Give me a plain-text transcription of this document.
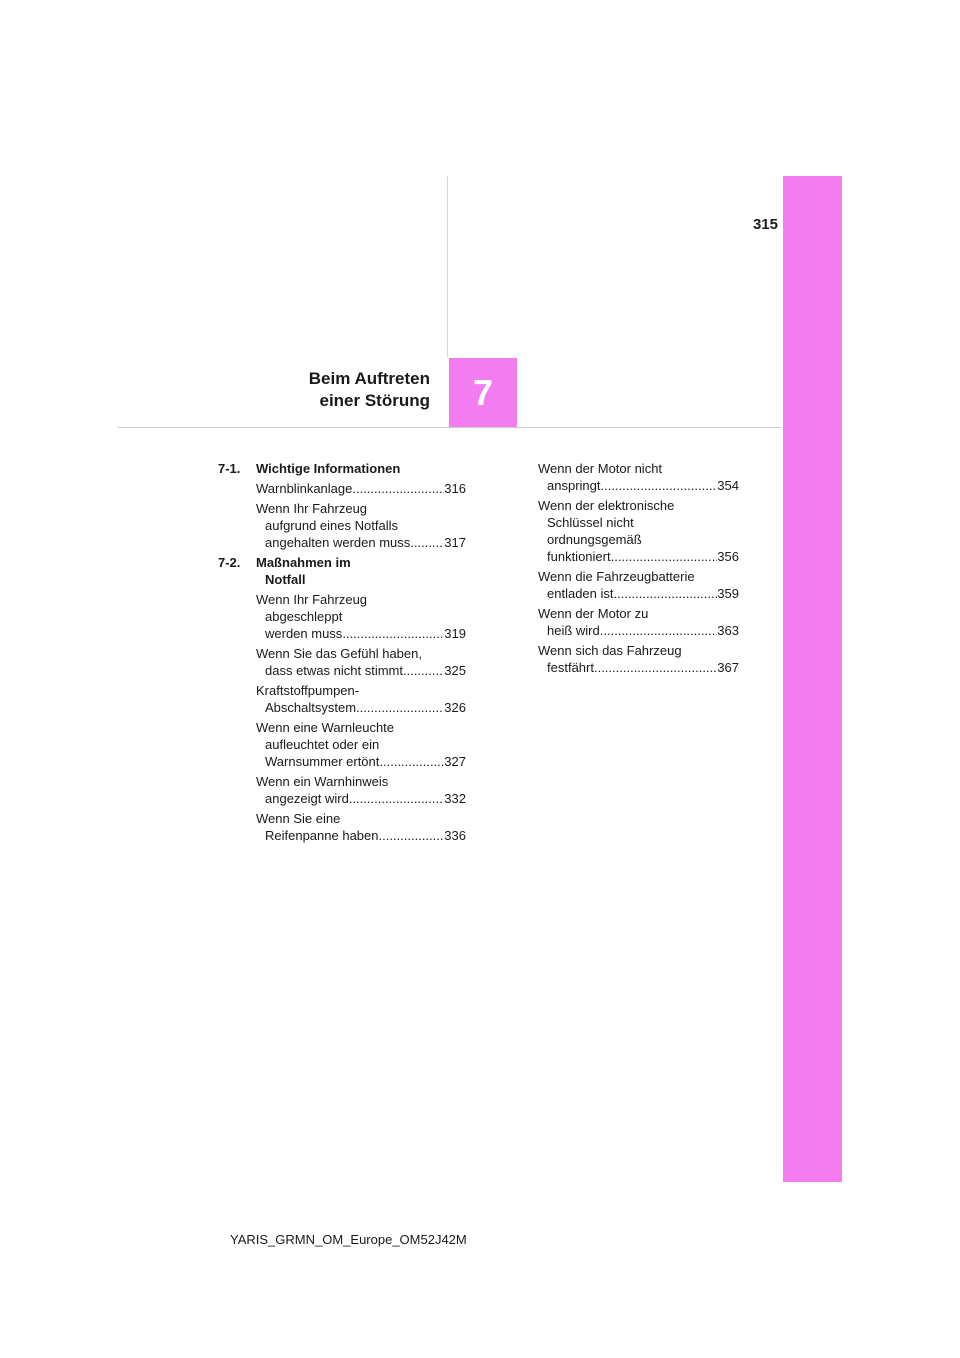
315
7
Beim Auftreten
einer Störung
7-1.	Wichtige Informationen
Warnblinkanlage .....	316
Wenn Ihr Fahrzeug
aufgrund eines Notfalls
angehalten werden muss .....	317
7-2.	Maßnahmen im
Notfall
Wenn Ihr Fahrzeug
abgeschleppt
werden muss .....	319
Wenn Sie das Gefühl haben,
dass etwas nicht stimmt .....	325
Kraftstoffpumpen-
Abschaltsystem .....	326
Wenn eine Warnleuchte
aufleuchtet oder ein
Warnsummer ertönt .....	327
Wenn ein Warnhinweis
angezeigt wird .....	332
Wenn Sie eine
Reifenpanne haben .....	336
Wenn der Motor nicht
anspringt .....	354
Wenn der elektronische
Schlüssel nicht
ordnungsgemäß
funktioniert .....	356
Wenn die Fahrzeugbatterie
entladen ist .....	359
Wenn der Motor zu
heiß wird .....	363
Wenn sich das Fahrzeug
festfährt .....	367
YARIS_GRMN_OM_Europe_OM52J42M
